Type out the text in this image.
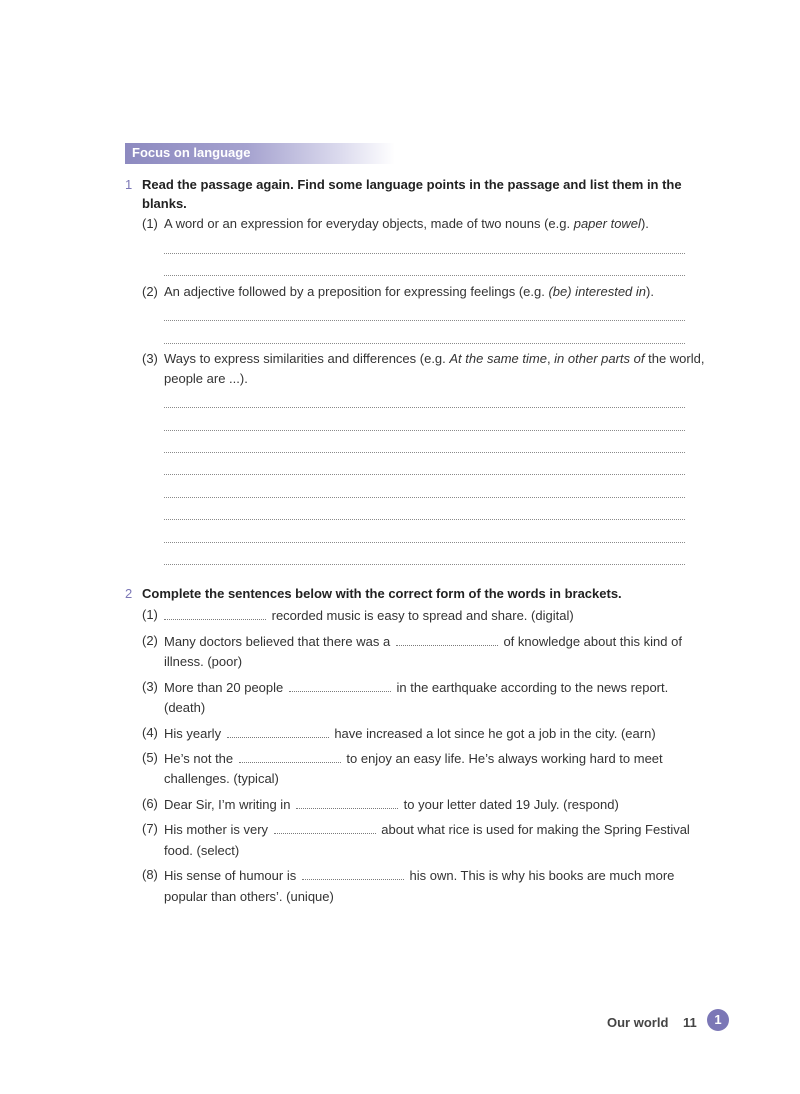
Focus on language
1 Read the passage again. Find some language points in the passage and list them in the
blanks.
(1) A word or an expression for everyday objects, made of two nouns (e.g. paper towel).
(2) An adjective followed by a preposition for expressing feelings (e.g. (be) interested in).
(3) Ways to express similarities and differences (e.g. At the same time, in other parts of the world,
people are ...).
2 Complete the sentences below with the correct form of the words in brackets.
(1)	recorded music is easy to spread and share. (digital)
(2) Many doctors believed that there was a	of knowledge about this kind of
illness. (poor)
(3) More than 20 people	in the earthquake according to the news report.
(death)
(4) His yearly	have increased a lot since he got a job in the city. (earn)
(5) He’s not the	to enjoy an easy life. He’s always working hard to meet
challenges. (typical)
(6) Dear Sir, I’m writing in	to your letter dated 19 July. (respond)
(7) His mother is very	about what rice is used for making the Spring Festival
food. (select)
(8) His sense of humour is	his own. This is why his books are much more
popular than others’. (unique)
Our world 11	1
